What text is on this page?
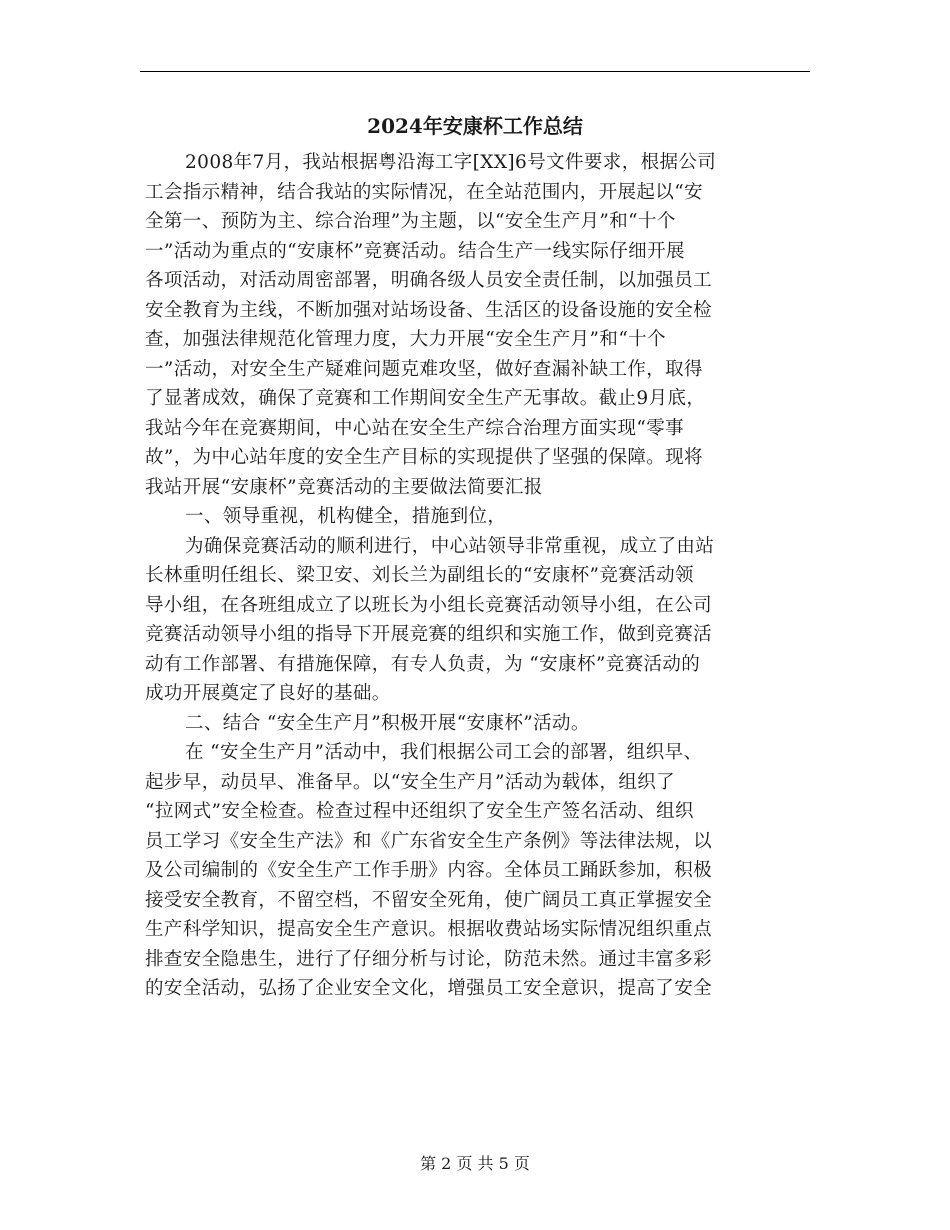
2024年安康杯工作总结
2008年7月，我站根据粤沿海工字[XX]6号文件要求，根据公司
工会指示精神，结合我站的实际情况，在全站范围内，开展起以“安
全第一、预防为主、综合治理”为主题，以“安全生产月”和“十个
一”活动为重点的“安康杯”竞赛活动。结合生产一线实际仔细开展
各项活动，对活动周密部署，明确各级人员安全责任制，以加强员工
安全教育为主线，不断加强对站场设备、生活区的设备设施的安全检
查，加强法律规范化管理力度，大力开展“安全生产月”和“十个
一”活动，对安全生产疑难问题克难攻坚，做好查漏补缺工作，取得
了显著成效，确保了竞赛和工作期间安全生产无事故。截止9月底，
我站今年在竞赛期间，中心站在安全生产综合治理方面实现“零事
故”，为中心站年度的安全生产目标的实现提供了坚强的保障。现将
我站开展“安康杯”竞赛活动的主要做法简要汇报
一、领导重视，机构健全，措施到位，
为确保竞赛活动的顺利进行，中心站领导非常重视，成立了由站
长林重明任组长、梁卫安、刘长兰为副组长的“安康杯”竞赛活动领
导小组，在各班组成立了以班长为小组长竞赛活动领导小组，在公司
竞赛活动领导小组的指导下开展竞赛的组织和实施工作，做到竞赛活
动有工作部署、有措施保障，有专人负责，为 “安康杯”竞赛活动的
成功开展奠定了良好的基础。
二、结合 “安全生产月”积极开展“安康杯”活动。
在 “安全生产月”活动中，我们根据公司工会的部署，组织早、
起步早，动员早、准备早。以“安全生产月”活动为载体，组织了
“拉网式”安全检查。检查过程中还组织了安全生产签名活动、组织
员工学习《安全生产法》和《广东省安全生产条例》等法律法规，以
及公司编制的《安全生产工作手册》内容。全体员工踊跃参加，积极
接受安全教育，不留空档，不留安全死角，使广阔员工真正掌握安全
生产科学知识，提高安全生产意识。根据收费站场实际情况组织重点
排查安全隐患生，进行了仔细分析与讨论，防范未然。通过丰富多彩
的安全活动，弘扬了企业安全文化，增强员工安全意识，提高了安全
第 2 页 共 5 页
